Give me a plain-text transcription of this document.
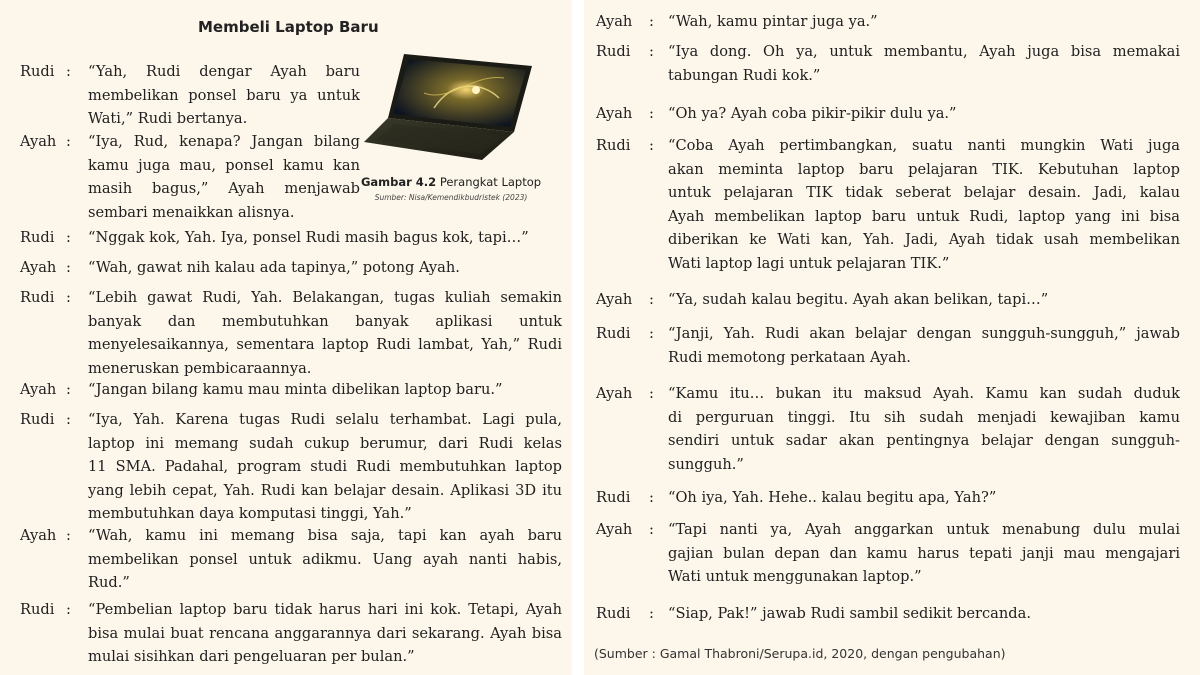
Membeli Laptop Baru
Gambar 4.2 Perangkat Laptop
Sumber: Nisa/Kemendikbudristek (2023)
Rudi : “Yah, Rudi dengar Ayah baru
membelikan ponsel baru ya untuk
Wati,” Rudi bertanya.
Ayah : “Iya, Rud, kenapa? Jangan bilang
kamu juga mau, ponsel kamu kan
masih bagus,” Ayah menjawab
sembari menaikkan alisnya.
Rudi : “Nggak kok, Yah. Iya, ponsel Rudi masih bagus kok, tapi…”
Ayah : “Wah, gawat nih kalau ada tapinya,” potong Ayah.
Rudi : “Lebih gawat Rudi, Yah. Belakangan, tugas kuliah semakin
banyak dan membutuhkan banyak aplikasi untuk
menyelesaikannya, sementara laptop Rudi lambat, Yah,” Rudi
meneruskan pembicaraannya.
Ayah : “Jangan bilang kamu mau minta dibelikan laptop baru.”
Rudi : “Iya, Yah. Karena tugas Rudi selalu terhambat. Lagi pula,
laptop ini memang sudah cukup berumur, dari Rudi kelas
11 SMA. Padahal, program studi Rudi membutuhkan laptop
yang lebih cepat, Yah. Rudi kan belajar desain. Aplikasi 3D itu
membutuhkan daya komputasi tinggi, Yah.”
Ayah : “Wah, kamu ini memang bisa saja, tapi kan ayah baru
membelikan ponsel untuk adikmu. Uang ayah nanti habis,
Rud.”
Rudi : “Pembelian laptop baru tidak harus hari ini kok. Tetapi, Ayah
bisa mulai buat rencana anggarannya dari sekarang. Ayah bisa
mulai sisihkan dari pengeluaran per bulan.”
Ayah	: “Wah, kamu pintar juga ya.”
Rudi	: “Iya dong. Oh ya, untuk membantu, Ayah juga bisa memakai
tabungan Rudi kok.”
Ayah	: “Oh ya? Ayah coba pikir-pikir dulu ya.”
Rudi	: “Coba Ayah pertimbangkan, suatu nanti mungkin Wati juga
akan meminta laptop baru pelajaran TIK. Kebutuhan laptop
untuk pelajaran TIK tidak seberat belajar desain. Jadi, kalau
Ayah membelikan laptop baru untuk Rudi, laptop yang ini bisa
diberikan ke Wati kan, Yah. Jadi, Ayah tidak usah membelikan
Wati laptop lagi untuk pelajaran TIK.”
Ayah	: “Ya, sudah kalau begitu. Ayah akan belikan, tapi…”
Rudi	: “Janji, Yah. Rudi akan belajar dengan sungguh-sungguh,” jawab
Rudi memotong perkataan Ayah.
Ayah	: “Kamu itu… bukan itu maksud Ayah. Kamu kan sudah duduk
di perguruan tinggi. Itu sih sudah menjadi kewajiban kamu
sendiri untuk sadar akan pentingnya belajar dengan sungguh-
sungguh.”
Rudi	: “Oh iya, Yah. Hehe.. kalau begitu apa, Yah?”
Ayah	: “Tapi nanti ya, Ayah anggarkan untuk menabung dulu mulai
gajian bulan depan dan kamu harus tepati janji mau mengajari
Wati untuk menggunakan laptop.”
Rudi	: “Siap, Pak!” jawab Rudi sambil sedikit bercanda.
(Sumber : Gamal Thabroni/Serupa.id, 2020, dengan pengubahan)
